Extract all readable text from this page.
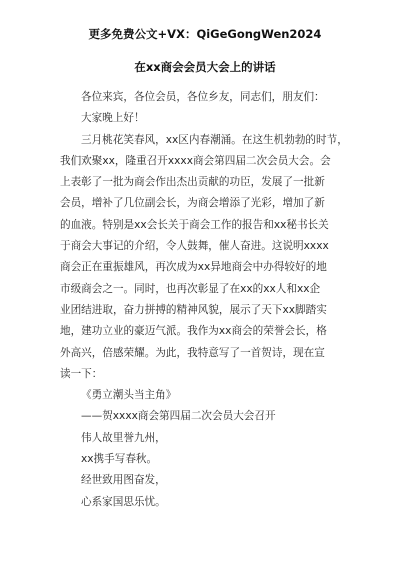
更多免费公文+VX：QiGeGongWen2024
在xx商会会员大会上的讲话
各位来宾，各位会员，各位乡友，同志们，朋友们：
大家晚上好！
三月桃花笑春风，xx区内春潮涌。在这生机勃勃的时节，
我们欢聚xx，隆重召开xxxx商会第四届二次会员大会。会
上表彰了一批为商会作出杰出贡献的功臣，发展了一批新
会员，增补了几位副会长，为商会增添了光彩，增加了新
的血液。特别是xx会长关于商会工作的报告和xx秘书长关
于商会大事记的介绍，令人鼓舞，催人奋进。这说明xxxx
商会正在重振雄风，再次成为xx异地商会中办得较好的地
市级商会之一。同时，也再次彰显了在xx的xx人和xx企
业团结进取，奋力拼搏的精神风貌，展示了天下xx脚踏实
地，建功立业的豪迈气派。我作为xx商会的荣誉会长，格
外高兴，倍感荣耀。为此，我特意写了一首贺诗，现在宣
读一下：
《勇立潮头当主角》
——贺xxxx商会第四届二次会员大会召开
伟人故里誉九州，
xx携手写春秋。
经世致用图奋发，
心系家国思乐忧。
